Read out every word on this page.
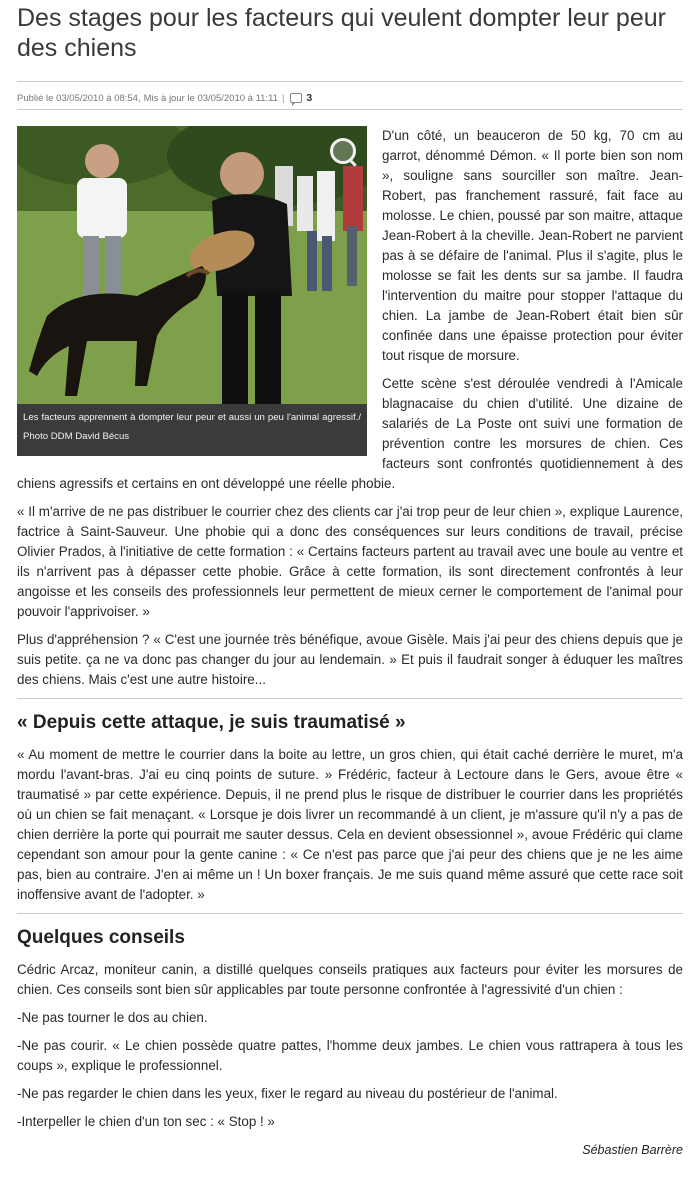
Des stages pour les facteurs qui veulent dompter leur peur des chiens
Publié le 03/05/2010 à 08:54 , Mis à jour le 03/05/2010 à 11:11 | 3
Les facteurs apprennent à dompter leur peur et aussi un peu l'animal agressif./ Photo DDM David Bécus

D'un côté, un beauceron de 50 kg, 70 cm au garrot, dénommé Démon. « Il porte bien son nom », souligne sans sourciller son maître. Jean-Robert, pas franchement rassuré, fait face au molosse. Le chien, poussé par son maitre, attaque Jean-Robert à la cheville. Jean-Robert ne parvient pas à se défaire de l'animal. Plus il s'agite, plus le molosse se fait les dents sur sa jambe. Il faudra l'intervention du maitre pour stopper l'attaque du chien. La jambe de Jean-Robert était bien sûr confinée dans une épaisse protection pour éviter tout risque de morsure.

Cette scène s'est déroulée vendredi à l'Amicale blagnacaise du chien d'utilité. Une dizaine de salariés de La Poste ont suivi une formation de prévention contre les morsures de chien. Ces facteurs sont confrontés quotidiennement à des chiens agressifs et certains en ont développé une réelle phobie.

« Il m'arrive de ne pas distribuer le courrier chez des clients car j'ai trop peur de leur chien », explique Laurence, factrice à Saint-Sauveur. Une phobie qui a donc des conséquences sur leurs conditions de travail, précise Olivier Prados, à l'initiative de cette formation : « Certains facteurs partent au travail avec une boule au ventre et ils n'arrivent pas à dépasser cette phobie. Grâce à cette formation, ils sont directement confrontés à leur angoisse et les conseils des professionnels leur permettent de mieux cerner le comportement de l'animal pour pouvoir l'apprivoiser. »

Plus d'appréhension ? « C'est une journée très bénéfique, avoue Gisèle. Mais j'ai peur des chiens depuis que je suis petite. ça ne va donc pas changer du jour au lendemain. » Et puis il faudrait songer à éduquer les maîtres des chiens. Mais c'est une autre histoire...

« Depuis cette attaque, je suis traumatisé »

« Au moment de mettre le courrier dans la boite au lettre, un gros chien, qui était caché derrière le muret, m'a mordu l'avant-bras. J'ai eu cinq points de suture. » Frédéric, facteur à Lectoure dans le Gers, avoue être « traumatisé » par cette expérience. Depuis, il ne prend plus le risque de distribuer le courrier dans les propriétés où un chien se fait menaçant. « Lorsque je dois livrer un recommandé à un client, je m'assure qu'il n'y a pas de chien derrière la porte qui pourrait me sauter dessus. Cela en devient obsessionnel », avoue Frédéric qui clame cependant son amour pour la gente canine : « Ce n'est pas parce que j'ai peur des chiens que je ne les aime pas, bien au contraire. J'en ai même un ! Un boxer français. Je me suis quand même assuré que cette race soit inoffensive avant de l'adopter. »

Quelques conseils

Cédric Arcaz, moniteur canin, a distillé quelques conseils pratiques aux facteurs pour éviter les morsures de chien. Ces conseils sont bien sûr applicables par toute personne confrontée à l'agressivité d'un chien :

-Ne pas tourner le dos au chien.

-Ne pas courir. « Le chien possède quatre pattes, l'homme deux jambes. Le chien vous rattrapera à tous les coups », explique le professionnel.

-Ne pas regarder le chien dans les yeux, fixer le regard au niveau du postérieur de l'animal.

-Interpeller le chien d'un ton sec : « Stop ! »

Sébastien Barrère
